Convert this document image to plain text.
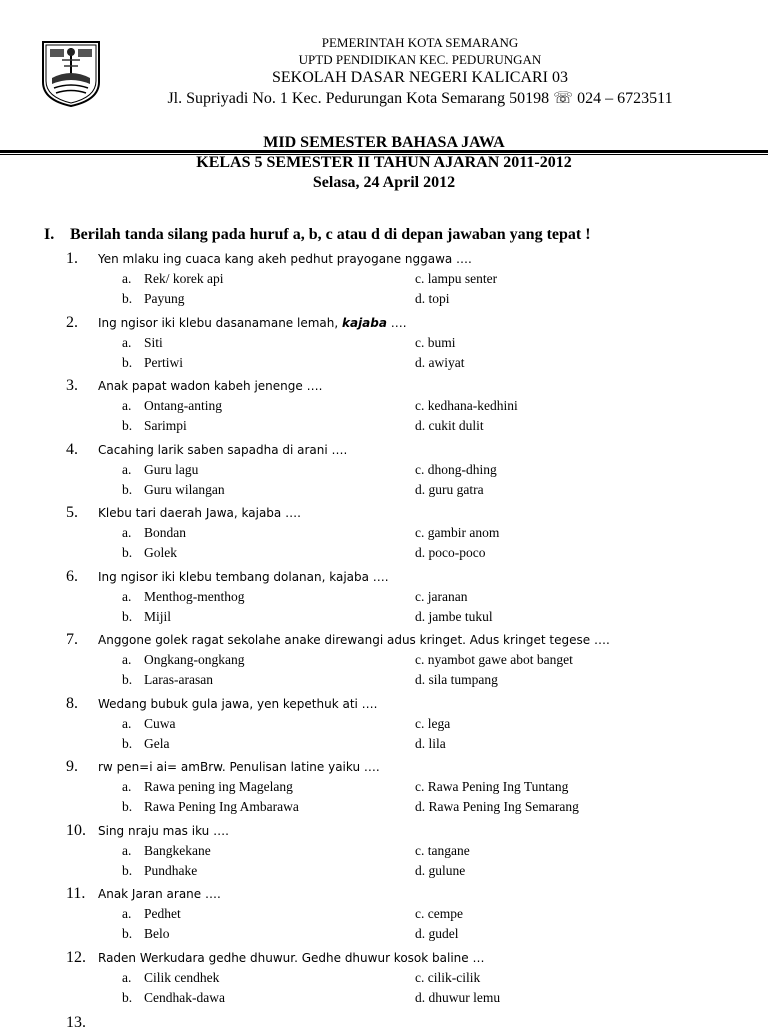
PEMERINTAH KOTA SEMARANG
UPTD PENDIDIKAN KEC. PEDURUNGAN
SEKOLAH DASAR NEGERI KALICARI 03
Jl. Supriyadi No. 1 Kec. Pedurungan Kota Semarang 50198 ☏ 024 – 6723511
MID SEMESTER BAHASA JAWA
KELAS 5 SEMESTER II TAHUN AJARAN 2011-2012
Selasa, 24 April 2012
I. Berilah tanda silang pada huruf a, b, c atau d di depan jawaban yang tepat !
1. Yen mlaku ing cuaca kang akeh pedhut prayogane nggawa ….
a. Rek/ korek api
b. Payung
c. lampu senter
d. topi
2. Ing ngisor iki klebu dasanamane lemah, kajaba ….
a. Siti
b. Pertiwi
c. bumi
d. awiyat
3. Anak papat wadon kabeh jenenge ….
a. Ontang-anting
b. Sarimpi
c. kedhana-kedhini
d. cukit dulit
4. Cacahing larik saben sapadha di arani ….
a. Guru lagu
b. Guru wilangan
c. dhong-dhing
d. guru gatra
5. Klebu tari daerah Jawa, kajaba ….
a. Bondan
b. Golek
c. gambir anom
d. poco-poco
6. Ing ngisor iki klebu tembang dolanan, kajaba ….
a. Menthog-menthog
b. Mijil
c. jaranan
d. jambe tukul
7. Anggone golek ragat sekolahe anake direwangi adus kringet. Adus kringet tegese ….
a. Ongkang-ongkang
b. Laras-arasan
c. nyambot gawe abot banget
d. sila tumpang
8. Wedang bubuk gula jawa, yen kepethuk ati ….
a. Cuwa
b. Gela
c. lega
d. lila
9. rw pen=i ai= amBrw. Penulisan latine yaiku ….
a. Rawa pening ing Magelang
b. Rawa Pening Ing Ambarawa
c. Rawa Pening Ing Tuntang
d. Rawa Pening Ing Semarang
10. Sing nraju mas iku ….
a. Bangkekane
b. Pundhake
c. tangane
d. gulune
11. Anak Jaran arane ….
a. Pedhet
b. Belo
c. cempe
d. gudel
12. Raden Werkudara gedhe dhuwur. Gedhe dhuwur kosok baline …
a. Cilik cendhek
b. Cendhak-dawa
c. cilik-cilik
d. dhuwur lemu
13.
